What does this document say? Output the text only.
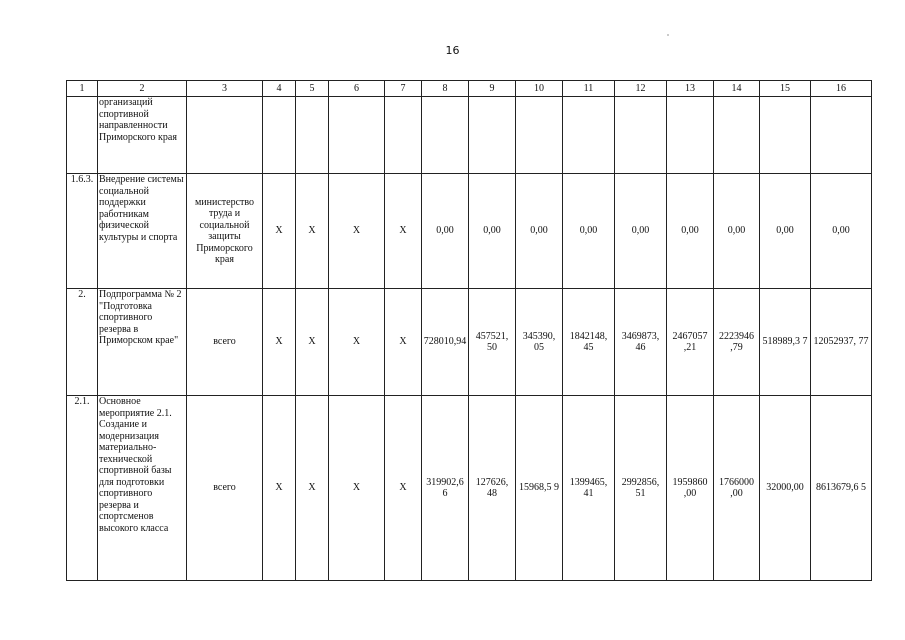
16
1	2	3	4	5	6	7	8	9	10	11	12	13	14	15	16
	организаций спортивной направленности Приморского края														
1.6.3.	Внедрение системы социальной поддержки работникам физической культуры и спорта	министерство труда и социальной защиты Приморского края	X	X	X	X	0,00	0,00	0,00	0,00	0,00	0,00	0,00	0,00	0,00
2.	Подпрограмма № 2 "Подготовка спортивного резерва в Приморском крае"	всего	X	X	X	X	728010,94	457521, 50	345390, 05	1842148, 45	3469873, 46	2467057 ,21	2223946 ,79	518989,3 7	12052937, 77
2.1.	Основное мероприятие 2.1. Создание и модернизация материально-технической спортивной базы для подготовки спортивного резерва и спортсменов высокого класса	всего	X	X	X	X	319902,6 6	127626, 48	15968,5 9	1399465, 41	2992856, 51	1959860 ,00	1766000 ,00	32000,00	8613679,6 5
